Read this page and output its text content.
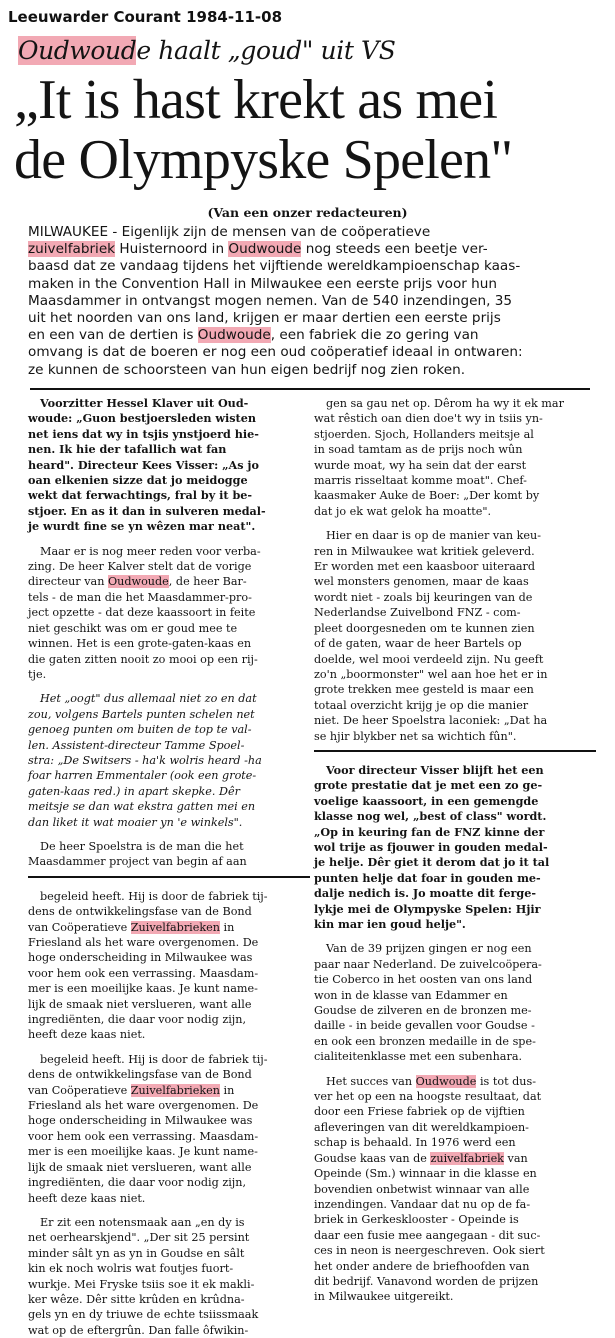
Leeuwarder Courant 1984-11-08
Oudwoude haalt „goud" uit VS
„It is hast krekt as mei
de Olympyske Spelen"
(Van een onzer redacteuren)

MILWAUKEE - Eigenlijk zijn de mensen van de coöperatieve

zuivelfabriek Huisternoord in Oudwoude nog steeds een beetje ver-

baasd dat ze vandaag tijdens het vijftiende wereldkampioenschap kaas-

maken in the Convention Hall in Milwaukee een eerste prijs voor hun

Maasdammer in ontvangst mogen nemen. Van de 540 inzendingen, 35

uit het noorden van ons land, krijgen er maar dertien een eerste prijs

en een van de dertien is Oudwoude, een fabriek die zo gering van

omvang is dat de boeren er nog een oud coöperatief ideaal in ontwaren:

ze kunnen de schoorsteen van hun eigen bedrijf nog zien roken.

Voorzitter Hessel Klaver uit Oud-

woude: „Guon bestjoersleden wisten

net iens dat wy in tsjis ynstjoerd hie-

nen. Ik hie der tafallich wat fan

heard". Directeur Kees Visser: „As jo

oan elkenien sizze dat jo meidogge

wekt dat ferwachtings, fral by it be-

stjoer. En as it dan in sulveren medal-

je wurdt fine se yn wêzen mar neat".

Maar er is nog meer reden voor verba-

zing. De heer Kalver stelt dat de vorige

directeur van Oudwoude, de heer Bar-

tels - de man die het Maasdammer-pro-

ject opzette - dat deze kaassoort in feite

niet geschikt was om er goud mee te

winnen. Het is een grote-gaten-kaas en

die gaten zitten nooit zo mooi op een rij-

tje.

Het „oogt" dus allemaal niet zo en dat

zou, volgens Bartels punten schelen net

genoeg punten om buiten de top te val-

len. Assistent-directeur Tamme Spoel-

stra: „De Switsers - ha'k wolris heard -ha

foar harren Emmentaler (ook een grote-

gaten-kaas red.) in apart skepke. Dêr

meitsje se dan wat ekstra gatten mei en

dan liket it wat moaier yn 'e winkels".

De heer Spoelstra is de man die het

Maasdammer project van begin af aan

begeleid heeft. Hij is door de fabriek tij-

dens de ontwikkelingsfase van de Bond

van Coöperatieve Zuivelfabrieken in

Friesland als het ware overgenomen. De

hoge onderscheiding in Milwaukee was

voor hem ook een verrassing. Maasdam-

mer is een moeilijke kaas. Je kunt name-

lijk de smaak niet verslueren, want alle

ingrediënten, die daar voor nodig zijn,

heeft deze kaas niet.

begeleid heeft. Hij is door de fabriek tij-

dens de ontwikkelingsfase van de Bond

van Coöperatieve Zuivelfabrieken in

Friesland als het ware overgenomen. De

hoge onderscheiding in Milwaukee was

voor hem ook een verrassing. Maasdam-

mer is een moeilijke kaas. Je kunt name-

lijk de smaak niet verslueren, want alle

ingrediënten, die daar voor nodig zijn,

heeft deze kaas niet.

Er zit een notensmaak aan „en dy is

net oerhearskjend". „Der sit 25 persint

minder sâlt yn as yn in Goudse en sâlt

kin ek noch wolris wat foutjes fuort-

wurkje. Mei Fryske tsiis soe it ek makli-

ker wêze. Dêr sitte krûden en krûdna-

gels yn en dy triuwe de echte tsiissmaak

wat op de eftergrûn. Dan falle ôfwikin-

gen sa gau net op. Dêrom ha wy it ek mar

wat rêstich oan dien doe't wy in tsiis yn-

stjoerden. Sjoch, Hollanders meitsje al

in soad tamtam as de prijs noch wûn

wurde moat, wy ha sein dat der earst

marris risseltaat komme moat". Chef-

kaasmaker Auke de Boer: „Der komt by

dat jo ek wat gelok ha moatte".

Hier en daar is op de manier van keu-

ren in Milwaukee wat kritiek geleverd.

Er worden met een kaasboor uiteraard

wel monsters genomen, maar de kaas

wordt niet - zoals bij keuringen van de

Nederlandse Zuivelbond FNZ - com-

pleet doorgesneden om te kunnen zien

of de gaten, waar de heer Bartels op

doelde, wel mooi verdeeld zijn. Nu geeft

zo'n „boormonster" wel aan hoe het er in

grote trekken mee gesteld is maar een

totaal overzicht krijg je op die manier

niet. De heer Spoelstra laconiek: „Dat ha

se hjir blykber net sa wichtich fûn".

Voor directeur Visser blijft het een

grote prestatie dat je met een zo ge-

voelige kaassoort, in een gemengde

klasse nog wel, „best of class" wordt.

„Op in keuring fan de FNZ kinne der

wol trije as fjouwer in gouden medal-

je helje. Dêr giet it derom dat jo it tal

punten helje dat foar in gouden me-

dalje nedich is. Jo moatte dit ferge-

lykje mei de Olympyske Spelen: Hjir

kin mar ien goud helje".

Van de 39 prijzen gingen er nog een

paar naar Nederland. De zuivelcoöpera-

tie Coberco in het oosten van ons land

won in de klasse van Edammer en

Goudse de zilveren en de bronzen me-

daille - in beide gevallen voor Goudse -

en ook een bronzen medaille in de spe-

cialiteitenklasse met een subenhara.

Het succes van Oudwoude is tot dus-

ver het op een na hoogste resultaat, dat

door een Friese fabriek op de vijftien

afleveringen van dit wereldkampioen-

schap is behaald. In 1976 werd een

Goudse kaas van de zuivelfabriek van

Opeinde (Sm.) winnaar in die klasse en

bovendien onbetwist winnaar van alle

inzendingen. Vandaar dat nu op de fa-

briek in Gerkesklooster - Opeinde is

daar een fusie mee aangegaan - dit suc-

ces in neon is neergeschreven. Ook siert

het onder andere de briefhoofden van

dit bedrijf. Vanavond worden de prijzen

in Milwaukee uitgereikt.
